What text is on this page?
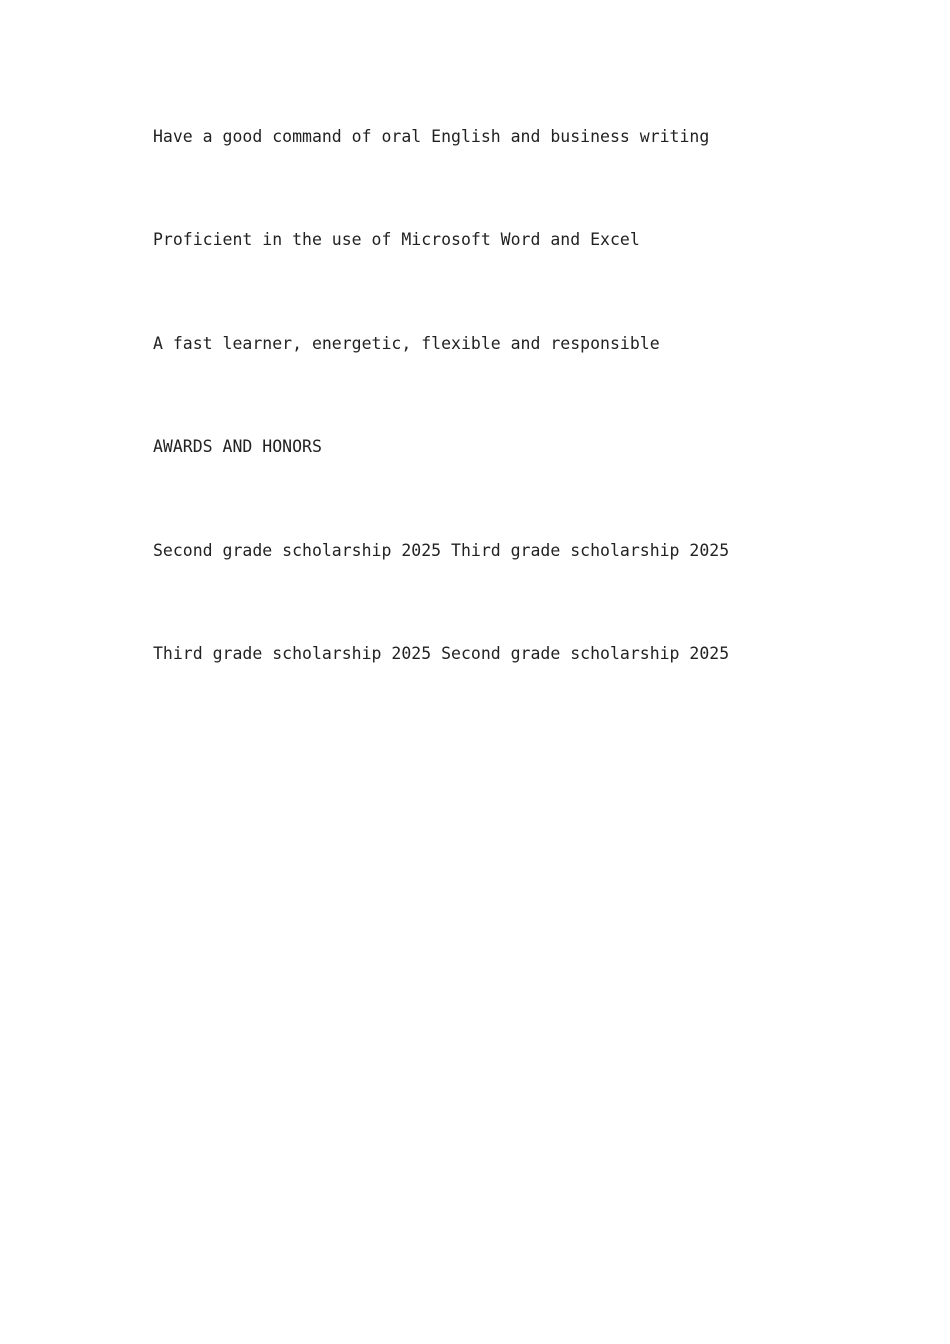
Have a good command of oral English and business writing
Proficient in the use of Microsoft Word and Excel
A fast learner, energetic, flexible and responsible
AWARDS AND HONORS
Second grade scholarship 2025 Third grade scholarship 2025
Third grade scholarship 2025 Second grade scholarship 2025
